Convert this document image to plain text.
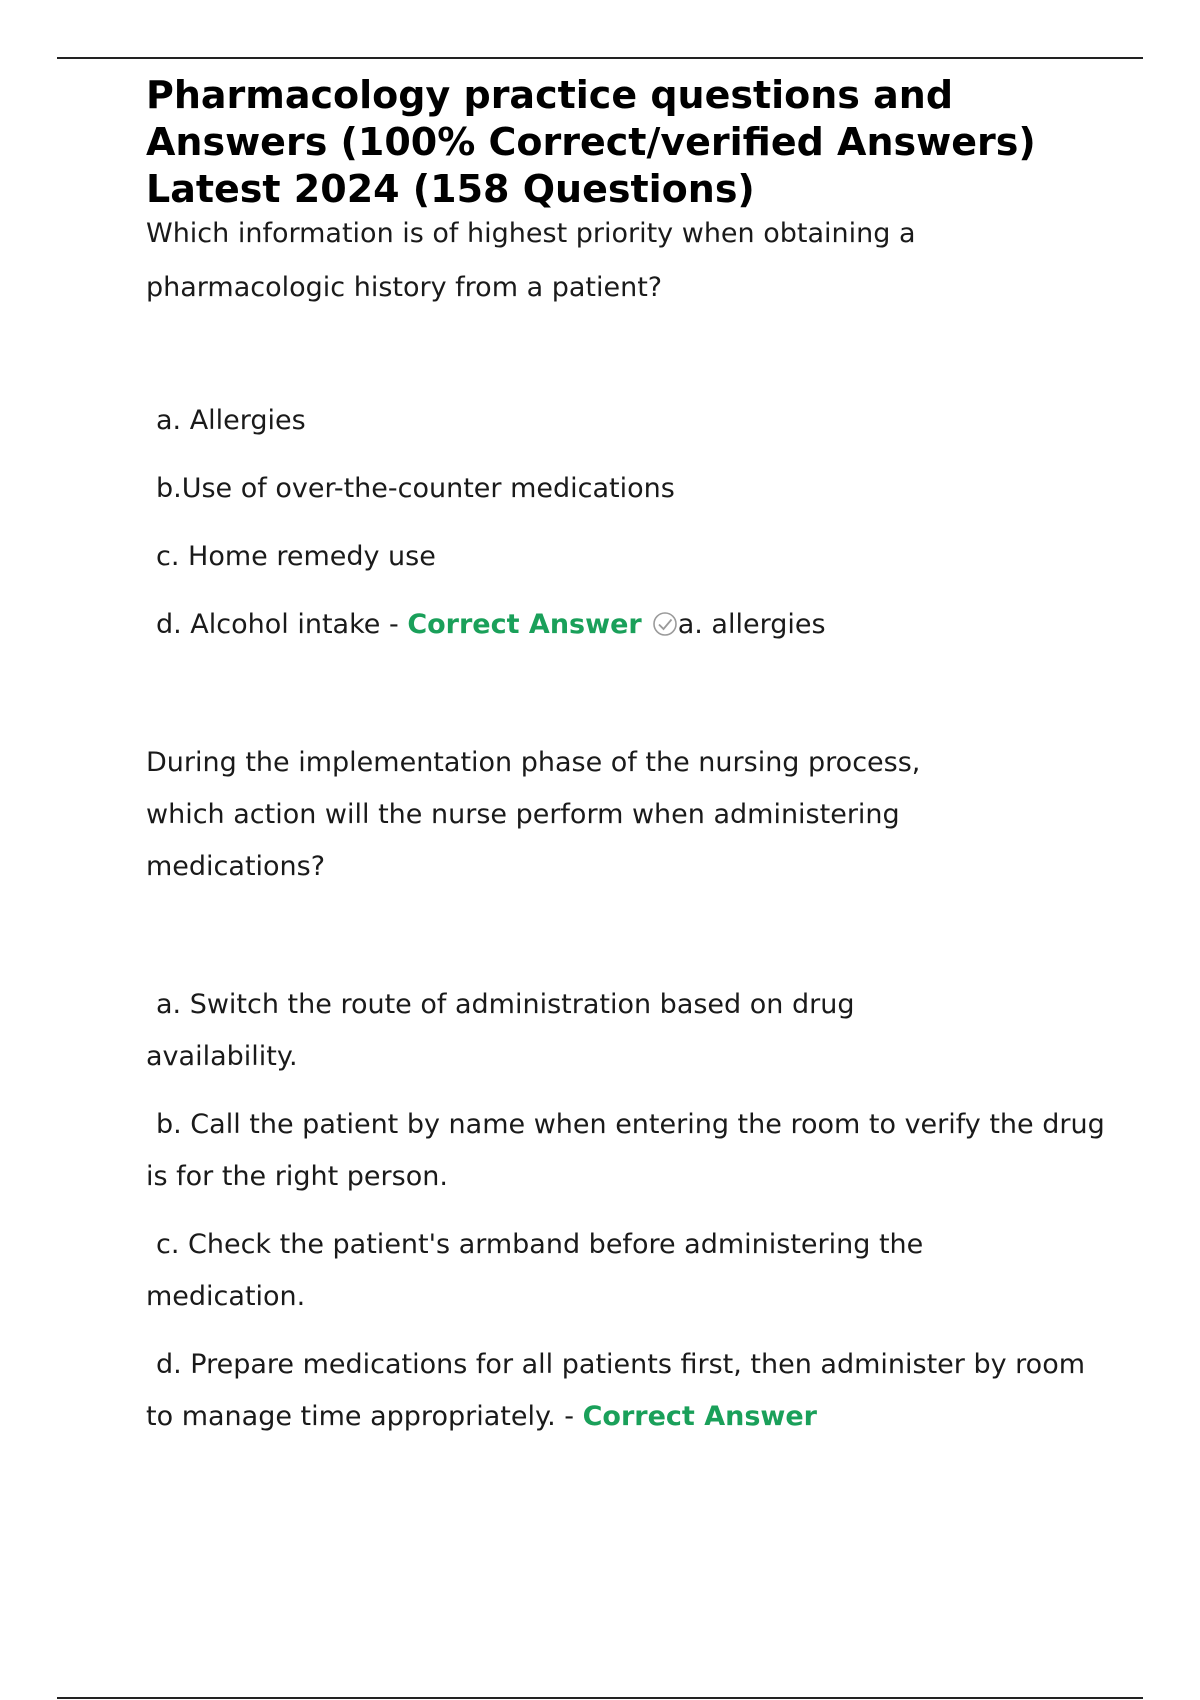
Pharmacology practice questions and Answers (100% Correct/verified Answers) Latest 2024 (158 Questions)

Which information is of highest priority when obtaining a pharmacologic history from a patient?

a. Allergies

b.Use of over-the-counter medications

c. Home remedy use

d. Alcohol intake - Correct Answer a. allergies

During the implementation phase of the nursing process, which action will the nurse perform when administering medications?

a. Switch the route of administration based on drug availability.

b. Call the patient by name when entering the room to verify the drug is for the right person.

c. Check the patient's armband before administering the medication.

d. Prepare medications for all patients first, then administer by room to manage time appropriately. - Correct Answer
